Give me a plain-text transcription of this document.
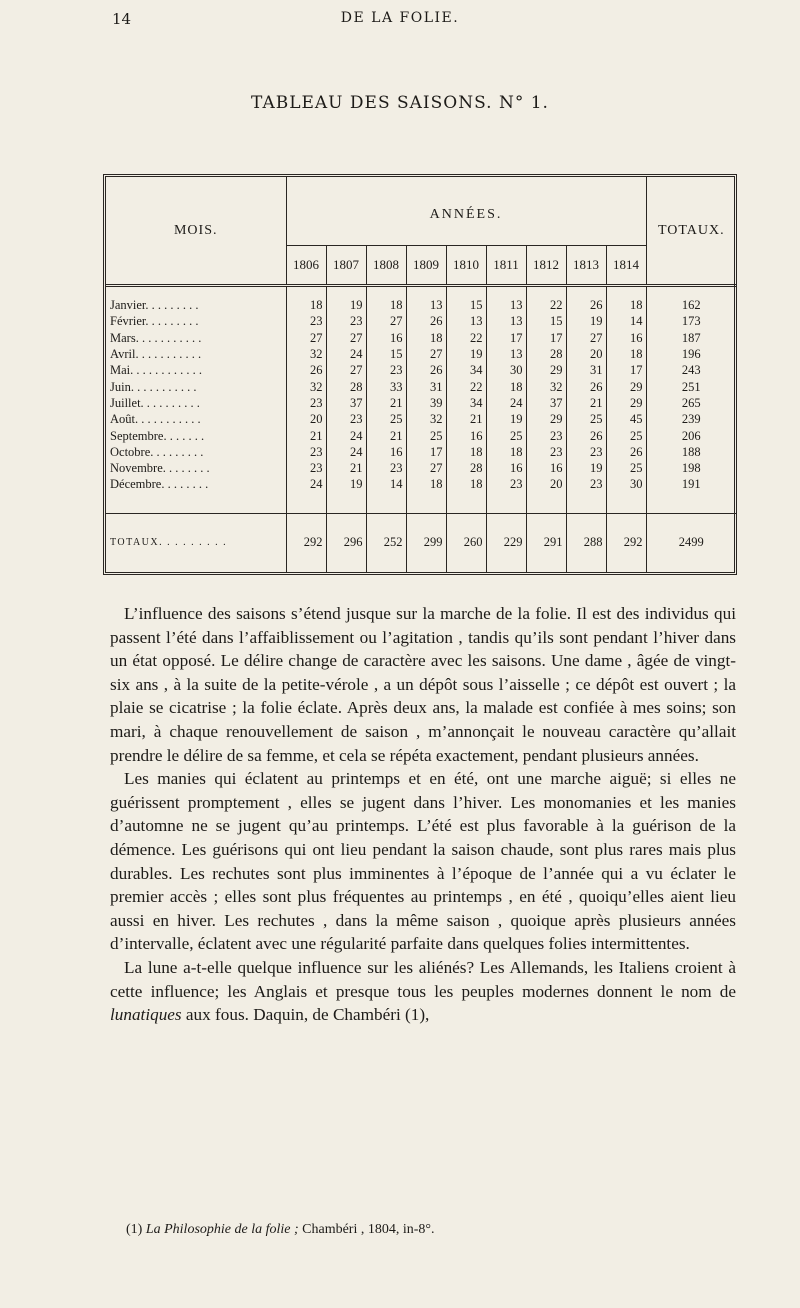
14	DE LA FOLIE.
TABLEAU DES SAISONS. N° 1.
MOIS.	ANNÉES.									TOTAUX.
	1806	1807	1808	1809	1810	1811	1812	1813	1814	

Janvier. . . . . . . . .	18	19	18	13	15	13	22	26	18	162
Février. . . . . . . . .	23	23	27	26	13	13	15	19	14	173
Mars. . . . . . . . . . .	27	27	16	18	22	17	17	27	16	187
Avril. . . . . . . . . . .	32	24	15	27	19	13	28	20	18	196
Mai. . . . . . . . . . . .	26	27	23	26	34	30	29	31	17	243
Juin. . . . . . . . . . .	32	28	33	31	22	18	32	26	29	251
Juillet. . . . . . . . . .	23	37	21	39	34	24	37	21	29	265
Août. . . . . . . . . . .	20	23	25	32	21	19	29	25	45	239
Septembre. . . . . . .	21	24	21	25	16	25	23	26	25	206
Octobre. . . . . . . . .	23	24	16	17	18	18	23	23	26	188
Novembre. . . . . . . .	23	21	23	27	28	16	16	19	25	198
Décembre. . . . . . . .	24	19	14	18	18	23	20	23	30	191
TOTAUX. . . . . . . . .	292	296	252	299	260	229	291	288	292	2499

L’influence des saisons s’étend jusque sur la marche de la folie. Il est des individus qui passent l’été dans l’affaiblissement ou l’agitation , tandis qu’ils sont pendant l’hiver dans un état opposé. Le délire change de caractère avec les saisons. Une dame , âgée de vingt-six ans , à la suite de la petite-vérole , a un dépôt sous l’aisselle ; ce dépôt est ouvert ; la plaie se cicatrise ; la folie éclate. Après deux ans, la malade est confiée à mes soins; son mari, à chaque renouvellement de saison , m’annonçait le nouveau caractère qu’allait prendre le délire de sa femme, et cela se répéta exactement, pendant plusieurs années.

Les manies qui éclatent au printemps et en été, ont une marche aiguë; si elles ne guérissent promptement , elles se jugent dans l’hiver. Les monomanies et les manies d’automne ne se jugent qu’au printemps. L’été est plus favorable à la guérison de la démence. Les guérisons qui ont lieu pendant la saison chaude, sont plus rares mais plus durables. Les rechutes sont plus imminentes à l’époque de l’année qui a vu éclater le premier accès ; elles sont plus fréquentes au printemps , en été , quoiqu’elles aient lieu aussi en hiver. Les rechutes , dans la même saison , quoique après plusieurs années d’intervalle, éclatent avec une régularité parfaite dans quelques folies intermittentes.

La lune a-t-elle quelque influence sur les aliénés? Les Allemands, les Italiens croient à cette influence; les Anglais et presque tous les peuples modernes donnent le nom de lunatiques aux fous. Daquin, de Chambéri (1),

(1) La Philosophie de la folie ; Chambéri , 1804, in-8°.
